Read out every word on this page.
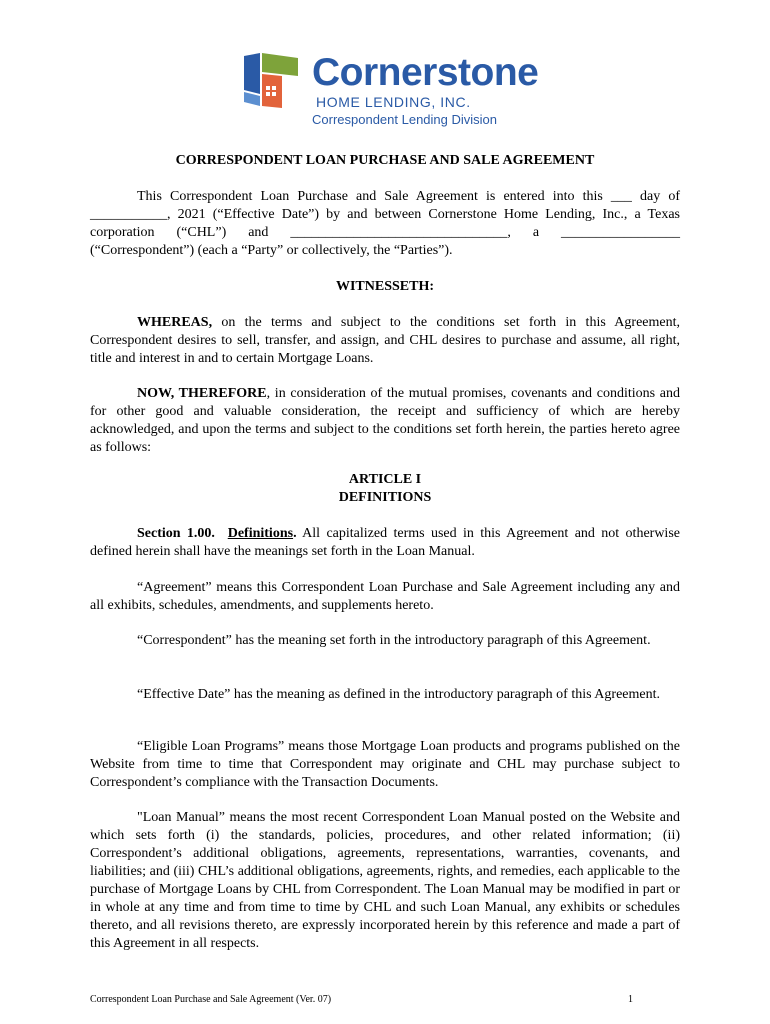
Cornerstone
HOME LENDING, INC.
Correspondent Lending Division
CORRESPONDENT LOAN PURCHASE AND SALE AGREEMENT
This Correspondent Loan Purchase and Sale Agreement is entered into this ___ day of
___________, 2021 (“Effective Date”) by and between Cornerstone Home Lending, Inc., a Texas
corporation (“CHL”) and _______________________________, a _________________
(“Correspondent”) (each a “Party” or collectively, the “Parties”).
WITNESSETH:
WHEREAS, on the terms and subject to the conditions set forth in this Agreement, Correspondent desires to sell, transfer, and assign, and CHL desires to purchase and assume, all right, title and interest in and to certain Mortgage Loans.
NOW, THEREFORE, in consideration of the mutual promises, covenants and conditions and for other good and valuable consideration, the receipt and sufficiency of which are hereby acknowledged, and upon the terms and subject to the conditions set forth herein, the parties hereto agree as follows:
ARTICLE I
DEFINITIONS
Section 1.00. Definitions. All capitalized terms used in this Agreement and not otherwise defined herein shall have the meanings set forth in the Loan Manual.
“Agreement” means this Correspondent Loan Purchase and Sale Agreement including any and all exhibits, schedules, amendments, and supplements hereto.
“Correspondent” has the meaning set forth in the introductory paragraph of this Agreement.
“Effective Date” has the meaning as defined in the introductory paragraph of this Agreement.
“Eligible Loan Programs” means those Mortgage Loan products and programs published on the Website from time to time that Correspondent may originate and CHL may purchase subject to Correspondent’s compliance with the Transaction Documents.
"Loan Manual” means the most recent Correspondent Loan Manual posted on the Website and which sets forth (i) the standards, policies, procedures, and other related information; (ii) Correspondent’s additional obligations, agreements, representations, warranties, covenants, and liabilities; and (iii) CHL’s additional obligations, agreements, rights, and remedies, each applicable to the purchase of Mortgage Loans by CHL from Correspondent. The Loan Manual may be modified in part or in whole at any time and from time to time by CHL and such Loan Manual, any exhibits or schedules thereto, and all revisions thereto, are expressly incorporated herein by this reference and made a part of this Agreement in all respects.
Correspondent Loan Purchase and Sale Agreement (Ver. 07)	1
